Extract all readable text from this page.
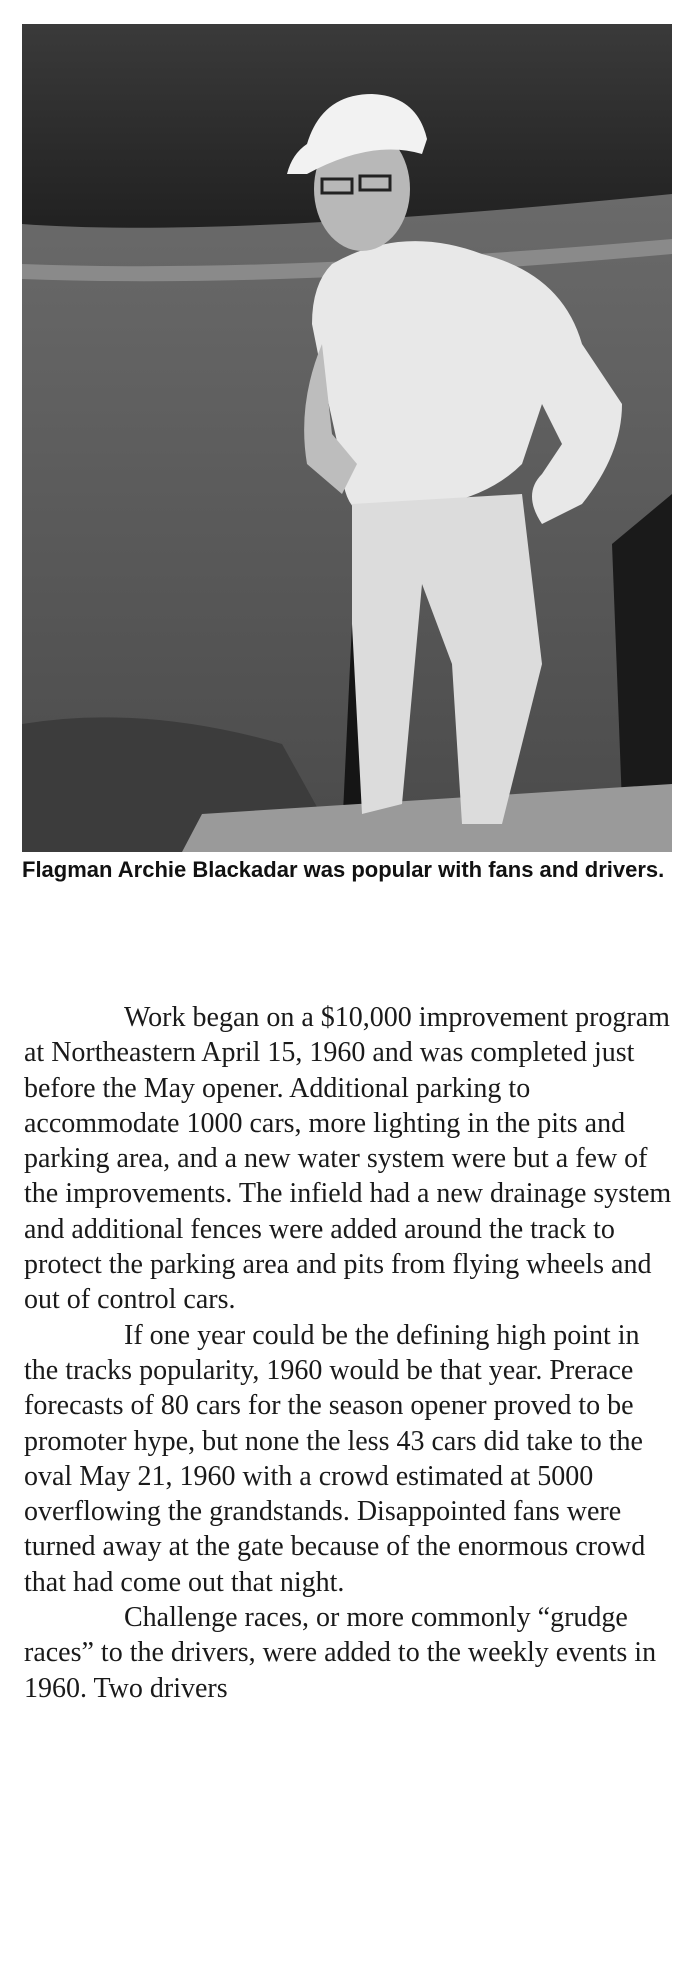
Flagman Archie Blackadar was popular with fans and drivers.

Work began on a $10,000 improvement program at Northeastern April 15, 1960 and was completed just before the May opener. Additional parking to accommodate 1000 cars, more lighting in the pits and parking area, and a new water system were but a few of the improvements. The infield had a new drainage system and additional fences were added around the track to protect the parking area and pits from flying wheels and out of control cars.

If one year could be the defining high point in the tracks popularity, 1960 would be that year. Prerace forecasts of 80 cars for the season opener proved to be promoter hype, but none the less 43 cars did take to the oval May 21, 1960 with a crowd estimated at 5000 overflowing the grandstands. Disappointed fans were turned away at the gate because of the enormous crowd that had come out that night.

Challenge races, or more commonly “grudge races” to the drivers, were added to the weekly events in 1960. Two drivers
